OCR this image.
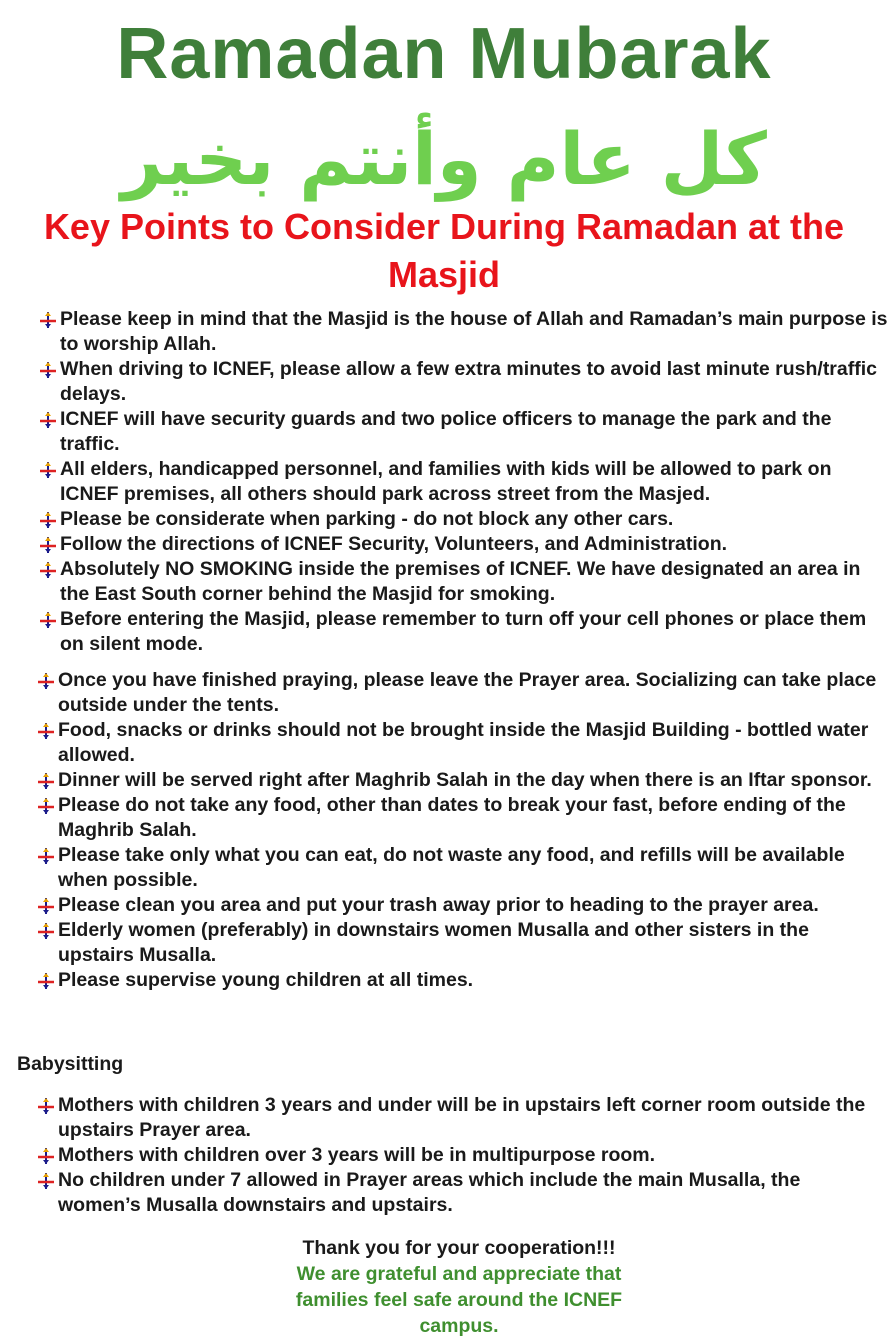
Ramadan Mubarak
كل عام وأنتم بخير
Key Points to Consider During Ramadan at the Masjid
Please keep in mind that the Masjid is the house of Allah and Ramadan’s main purpose is to worship Allah.
When driving to ICNEF, please allow a few extra minutes to avoid last minute rush/traffic delays.
ICNEF will have security guards and two police officers to manage the park and the traffic.
All elders, handicapped personnel, and families with kids will be allowed to park on ICNEF premises, all others should park across street from the Masjed.
Please be considerate when parking - do not block any other cars.
Follow the directions of ICNEF Security, Volunteers, and Administration.
Absolutely NO SMOKING inside the premises of ICNEF. We have designated an area in the East South corner behind the Masjid for smoking.
Before entering the Masjid, please remember to turn off your cell phones or place them on silent mode.
Once you have finished praying, please leave the Prayer area. Socializing can take place outside under the tents.
Food, snacks or drinks should not be brought inside the Masjid Building - bottled water allowed.
Dinner will be served right after Maghrib Salah in the day when there is an Iftar sponsor.
Please do not take any food, other than dates to break your fast, before ending of the Maghrib Salah.
Please take only what you can eat, do not waste any food, and refills will be available when possible.
Please clean you area and put your trash away prior to heading to the prayer area.
Elderly women (preferably) in downstairs women Musalla and other sisters in the upstairs Musalla.
Please supervise young children at all times.
Babysitting
Mothers with children 3 years and under will be in upstairs left corner room outside the upstairs Prayer area.
Mothers with children over 3 years will be in multipurpose room.
No children under 7 allowed in Prayer areas which include the main Musalla, the women’s Musalla downstairs and upstairs.
Thank you for your cooperation!!!
We are grateful and appreciate that families feel safe around the ICNEF campus.
